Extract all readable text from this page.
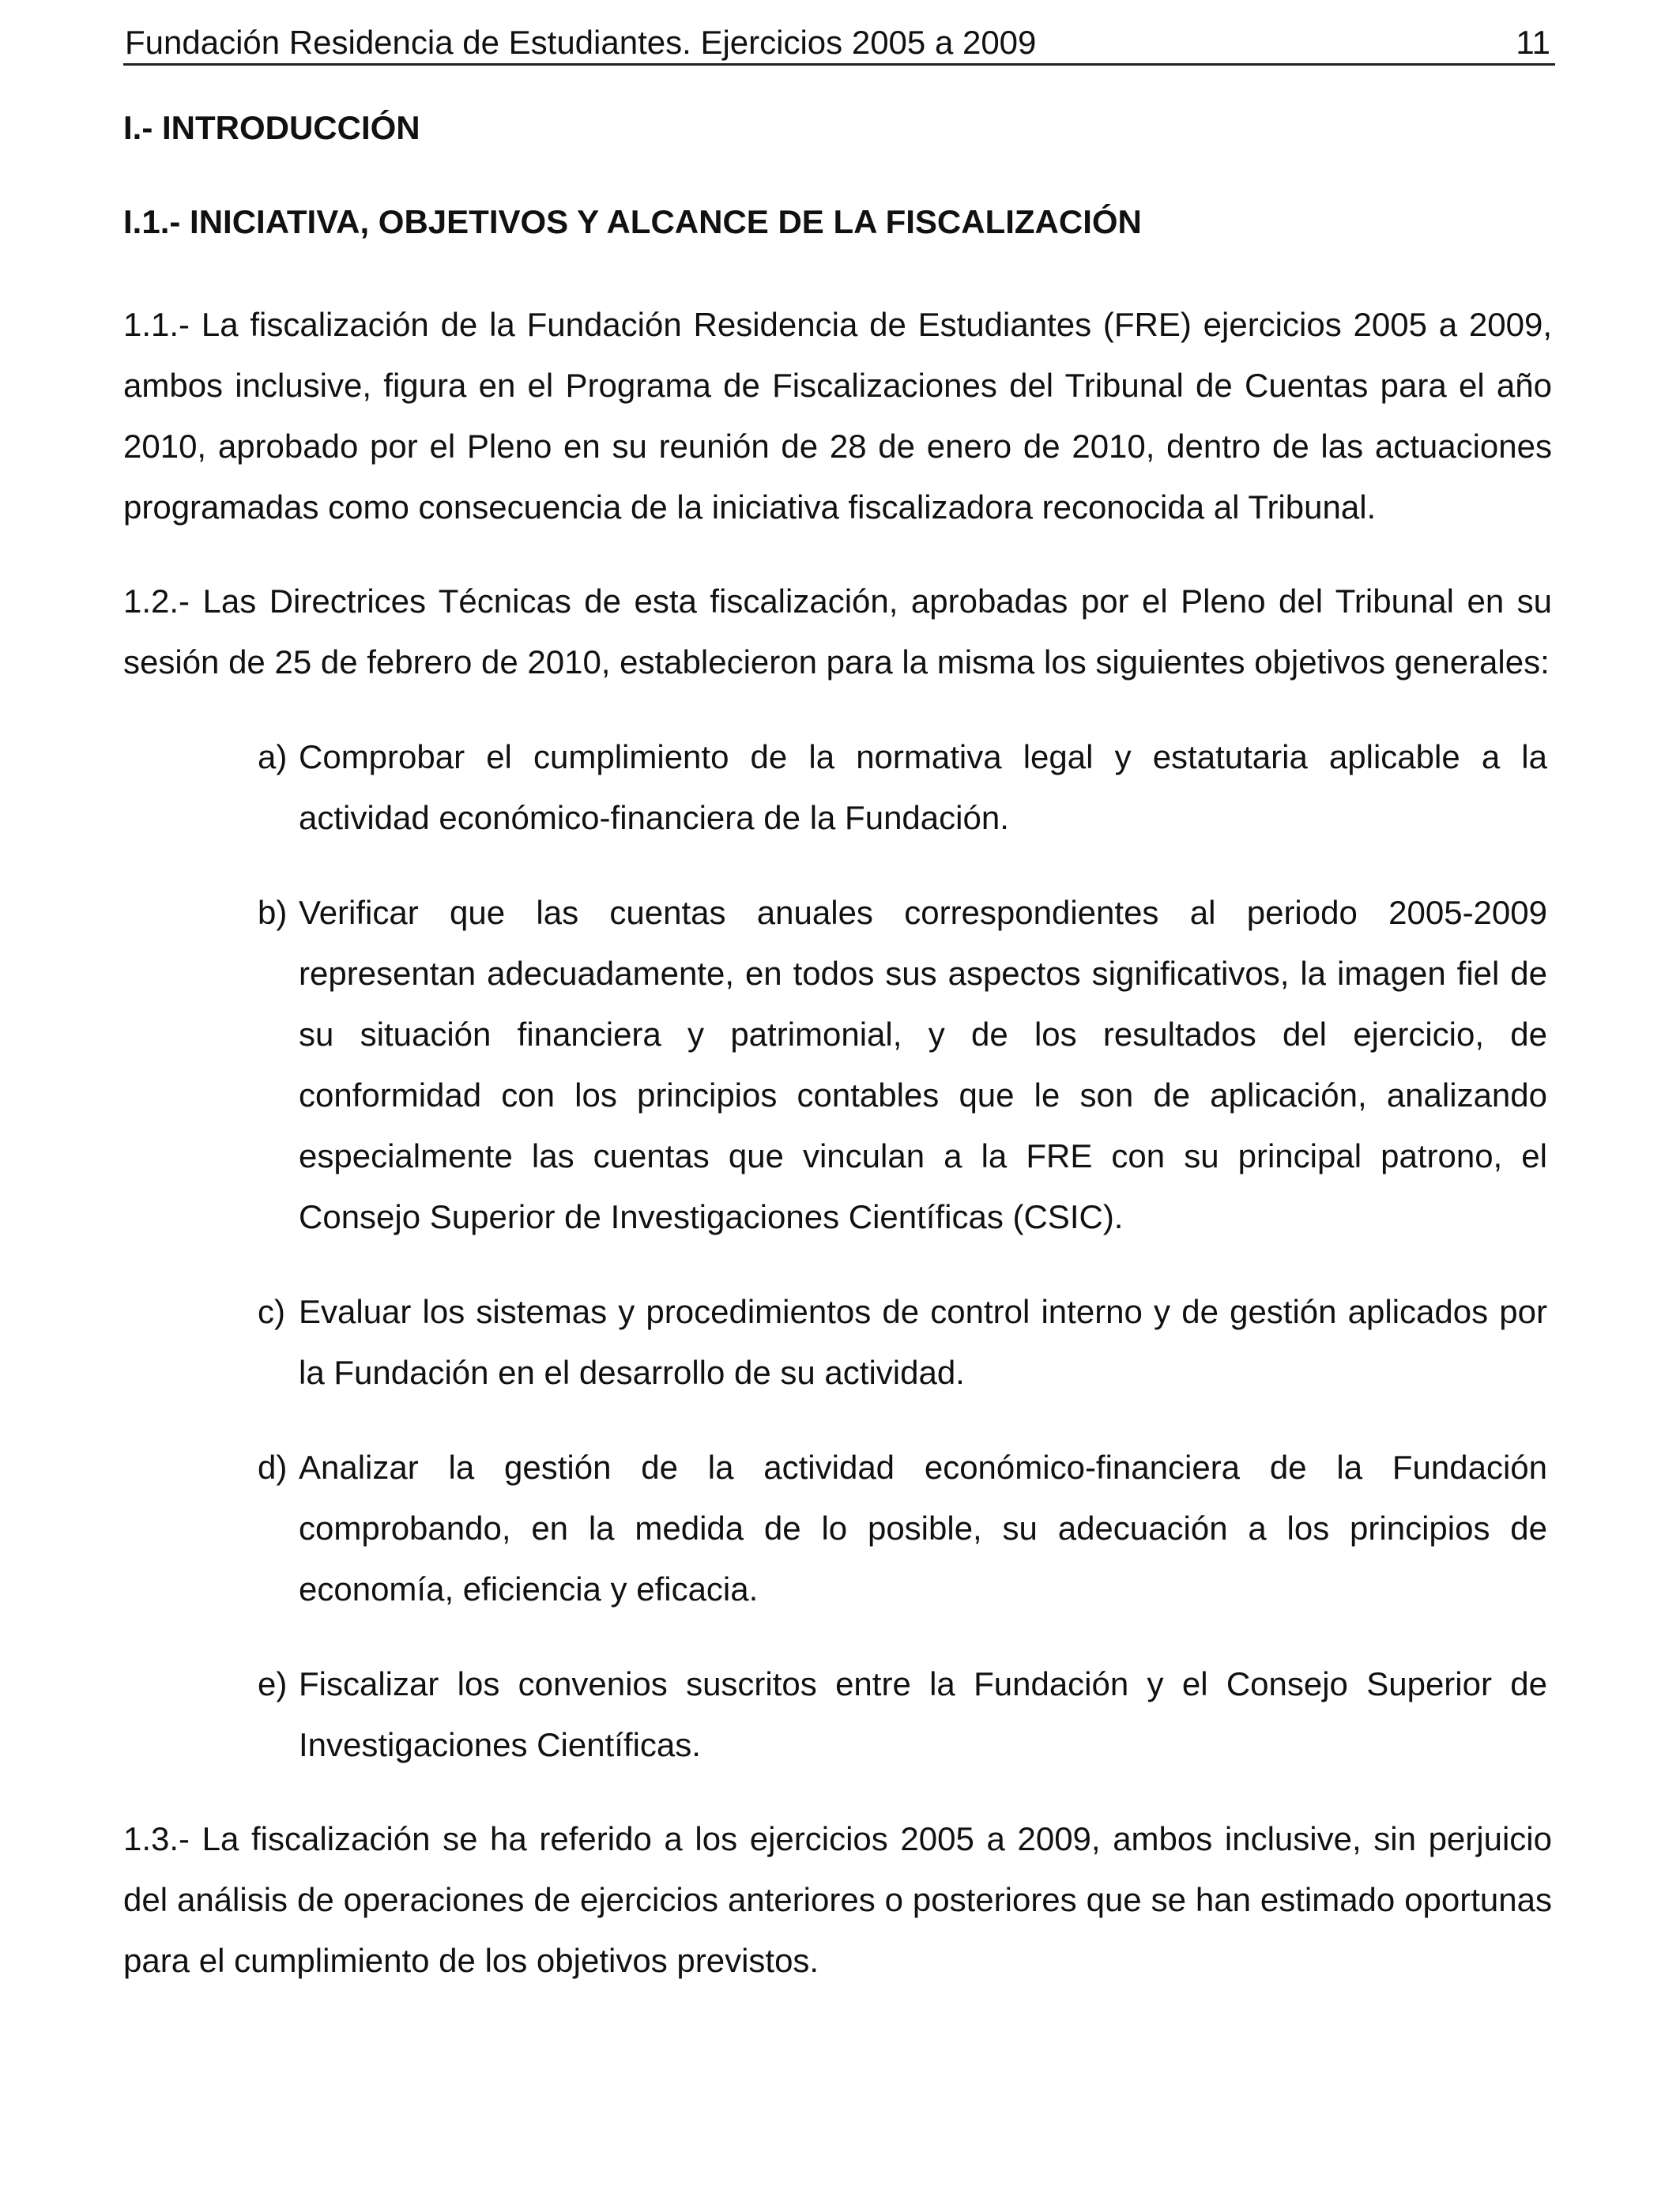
Fundación Residencia de Estudiantes. Ejercicios 2005 a 2009	11
I.- INTRODUCCIÓN
I.1.- INICIATIVA, OBJETIVOS Y ALCANCE DE LA FISCALIZACIÓN

1.1.- La fiscalización de la Fundación Residencia de Estudiantes (FRE) ejercicios 2005 a 2009, ambos inclusive, figura en el Programa de Fiscalizaciones del Tribunal de Cuentas para el año 2010, aprobado por el Pleno en su reunión de 28 de enero de 2010, dentro de las actuaciones programadas como consecuencia de la iniciativa fiscalizadora reconocida al Tribunal.

1.2.- Las Directrices Técnicas de esta fiscalización, aprobadas por el Pleno del Tribunal en su sesión de 25 de febrero de 2010, establecieron para la misma los siguientes objetivos generales:

a) Comprobar el cumplimiento de la normativa legal y estatutaria aplicable a la actividad económico-financiera de la Fundación.
b) Verificar que las cuentas anuales correspondientes al periodo 2005-2009 representan adecuadamente, en todos sus aspectos significativos, la imagen fiel de su situación financiera y patrimonial, y de los resultados del ejercicio, de conformidad con los principios contables que le son de aplicación, analizando especialmente las cuentas que vinculan a la FRE con su principal patrono, el Consejo Superior de Investigaciones Científicas (CSIC).
c) Evaluar los sistemas y procedimientos de control interno y de gestión aplicados por la Fundación en el desarrollo de su actividad.
d) Analizar la gestión de la actividad económico-financiera de la Fundación comprobando, en la medida de lo posible, su adecuación a los principios de economía, eficiencia y eficacia.
e) Fiscalizar los convenios suscritos entre la Fundación y el Consejo Superior de Investigaciones Científicas.

1.3.- La fiscalización se ha referido a los ejercicios 2005 a 2009, ambos inclusive, sin perjuicio del análisis de operaciones de ejercicios anteriores o posteriores que se han estimado oportunas para el cumplimiento de los objetivos previstos.
